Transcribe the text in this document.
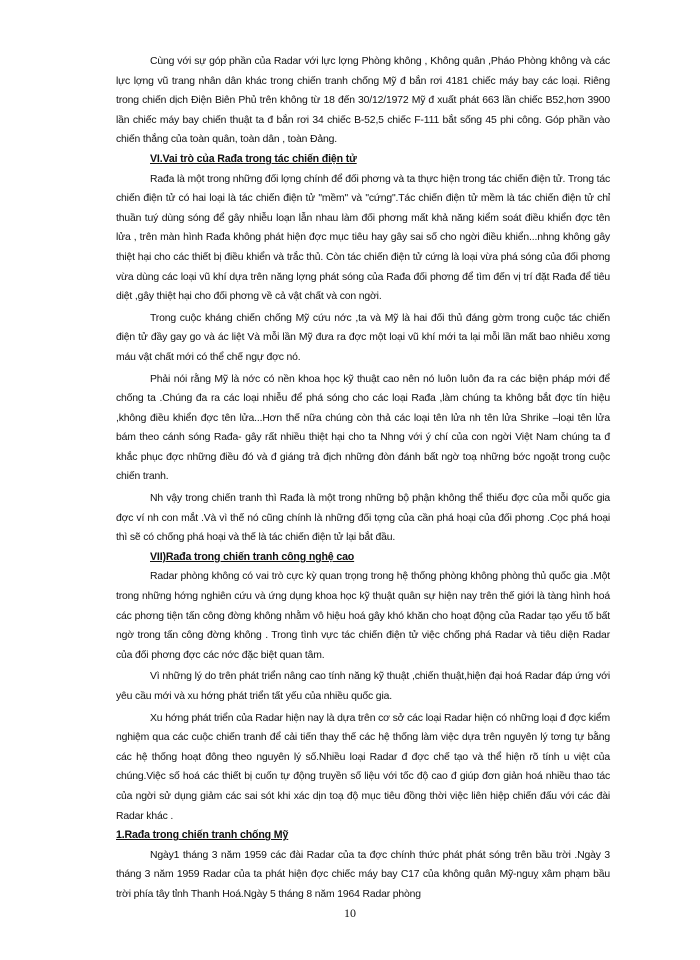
Cùng với sự góp phần của Radar với lực lợng Phòng không , Không quân ,Pháo Phòng không và các lực lợng vũ trang nhân dân khác trong chiến tranh chống Mỹ đ bắn rơi 4181 chiếc máy bay các loại. Riêng trong chiến dịch Điện Biên Phủ trên không từ 18 đến 30/12/1972 Mỹ đ xuất phát 663 lần chiếc B52,hơn 3900 lần chiếc máy bay chiến thuật ta đ bắn rơi 34 chiếc B-52,5 chiếc F-111 bắt sống 45 phi công. Góp phần vào chiến thắng của toàn quân, toàn dân , toàn Đảng.

VI.Vai trò của Rađa trong tác chiến điện tử

Rađa là một trong những đối lợng chính để đối phơng và ta thực hiện trong tác chiến điện tử. Trong tác chiến điện tử có hai loại là tác chiến điện tử "mềm" và "cứng".Tác chiến điện tử mềm là tác chiến điện tử chỉ thuần tuý dùng sóng để gây nhiễu loạn lẫn nhau làm đối phơng mất khả năng kiểm soát điều khiển đợc tên lửa , trên màn hình Rađa không phát hiện đợc mục tiêu hay gây sai số cho ngời điều khiển...nhng không gây thiệt hại cho các thiết bị điều khiển và trắc thủ. Còn tác chiến điện tử cứng là loại vừa phá sóng của đối phơng vừa dùng các loại vũ khí dựa trên năng lợng phát sóng của Rađa đối phơng để tìm đến vị trí đặt Rađa để tiêu diệt ,gây thiệt hại cho đối phơng về cả vật chất và con ngời.

Trong cuộc kháng chiến chống Mỹ cứu nớc ,ta và Mỹ là hai đối thủ đáng gờm trong cuộc tác chiến điện tử đầy gay go và ác liệt Và mỗi lần Mỹ đưa ra đợc một loại vũ khí mới ta lại mỗi lần mất bao nhiêu xơng máu vật chất mới có thể chế ngự đợc nó.

Phải nói rằng Mỹ là nớc có nền khoa học kỹ thuật cao nên nó luôn luôn đa ra các biện pháp mới để chống ta .Chúng đa ra các loại nhiễu để phá sóng cho các loại Rađa ,làm chúng ta không bắt đợc tín hiệu ,không điều khiển đợc tên lửa...Hơn thế nữa chúng còn thả các loại tên lửa nh tên lửa Shrike –loại tên lửa bám theo cánh sóng Rađa- gây rất nhiều thiệt hại cho ta Nhng với ý chí của con ngời Việt Nam chúng ta đ khắc phục đợc những điều đó và đ giáng trả địch những đòn đánh bất ngờ toạ những bớc ngoặt trong cuộc chiến tranh.

Nh vậy trong chiến tranh thì Rađa là một trong những bộ phận không thể thiếu đợc của mỗi quốc gia đợc ví nh con mắt .Và vì thế nó cũng chính là những đối tợng của cần phá hoại của đối phơng .Cọc phá hoại thì sẽ có chống phá hoại và thế là tác chiến điện tử lại bắt đầu.

VII)Rađa trong chiến tranh công nghệ cao

Radar phòng không có vai trò cực kỳ quan trọng trong hệ thống phòng không phòng thủ quốc gia .Một trong những hớng nghiên cứu và ứng dụng khoa học kỹ thuật quân sự hiện nay trên thế giới là tàng hình hoá các phơng tiện tấn công đờng không nhằm vô hiệu hoá gây khó khăn cho hoạt động của Radar tạo yếu tố bất ngờ trong tấn công đờng không . Trong tình vực tác chiến điện tử việc chống phá Radar và tiêu diện Radar của đối phơng đợc các nớc đặc biệt quan tâm.

Vì những lý do trên phát triển nâng cao tính năng kỹ thuật ,chiến thuật,hiện đại hoá Radar đáp ứng với yêu cầu mới và xu hớng phát triển tất yếu của nhiều quốc gia.

Xu hớng phát triển của Radar hiện nay là dựa trên cơ sở các loại Radar hiện có những loại đ đợc kiểm nghiệm qua các cuộc chiến tranh để cải tiến thay thế các hệ thống làm việc dựa trên nguyên lý tơng tự bằng các hệ thống hoạt đông theo nguyên lý số.Nhiều loại Radar đ đợc chế tạo và thể hiện rõ tính u việt của chúng.Việc số hoá các thiết bị cuốn tự động truyền số liệu với tốc độ cao đ giúp đơn giản hoá nhiều thao tác của ngời sử dụng giảm các sai sót khi xác dịn toạ độ mục tiêu đồng thời việc liên hiệp chiến đấu với các đài Radar khác .

1.Rađa trong chiến tranh chống Mỹ

Ngày1 tháng 3 năm 1959 các đài Radar của ta đợc chính thức phát phát sóng trên bầu trời .Ngày 3 tháng 3 năm 1959 Radar của ta phát hiện đợc chiếc máy bay C17 của không quân Mỹ-nguỵ xâm phạm bầu trời phía tây tỉnh Thanh Hoá.Ngày 5 tháng 8 năm 1964 Radar phòng

10
